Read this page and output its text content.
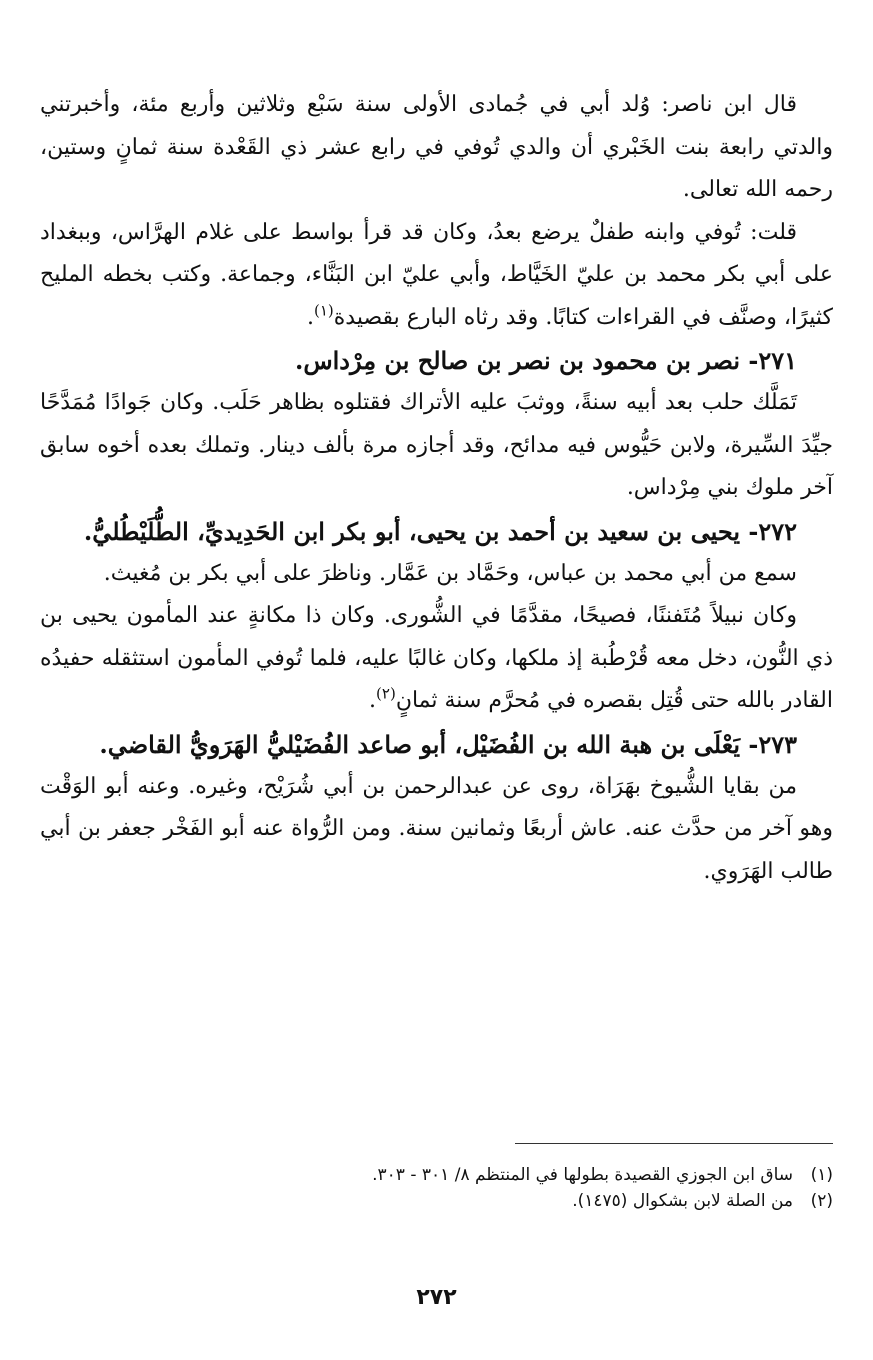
قال ابن ناصر: وُلد أبي في جُمادى الأولى سنة سَبْع وثلاثين وأربع مئة، وأخبرتني والدتي رابعة بنت الخَبْري أن والدي تُوفي في رابع عشر ذي القَعْدة سنة ثمانٍ وستين، رحمه الله تعالى.

قلت: تُوفي وابنه طفلٌ يرضع بعدُ، وكان قد قرأ بواسط على غلام الهرَّاس، وببغداد على أبي بكر محمد بن عليّ الخَيَّاط، وأبي عليّ ابن البَنَّاء، وجماعة. وكتب بخطه المليح كثيرًا، وصنَّف في القراءات كتابًا. وقد رثاه البارع بقصيدة$^{(١)}$.

٢٧١- نصر بن محمود بن نصر بن صالح بن مِرْداس.

تَمَلَّك حلب بعد أبيه سنةً، ووثبَ عليه الأتراك فقتلوه بظاهر حَلَب. وكان جَوادًا مُمَدَّحًا جيِّدَ السِّيرة، ولابن حَيُّوس فيه مدائح، وقد أجازه مرة بألف دينار. وتملك بعده أخوه سابق آخر ملوك بني مِرْداس.

٢٧٢- يحيى بن سعيد بن أحمد بن يحيى، أبو بكر ابن الحَدِيديِّ، الطُّلَيْطُليُّ.

سمع من أبي محمد بن عباس، وحَمَّاد بن عَمَّار. وناظرَ على أبي بكر بن مُغيث.

وكان نبيلاً مُتَفننًا، فصيحًا، مقدَّمًا في الشُّورى. وكان ذا مكانةٍ عند المأمون يحيى بن ذي النُّون، دخل معه قُرْطُبة إذ ملكها، وكان غالبًا عليه، فلما تُوفي المأمون استثقله حفيدُه القادر بالله حتى قُتِل بقصره في مُحرَّم سنة ثمانٍ$^{(٢)}$.

٢٧٣- يَعْلَى بن هبة الله بن الفُضَيْل، أبو صاعد الفُضَيْليُّ الهَرَويُّ القاضي.

من بقايا الشُّيوخ بهَرَاة، روى عن عبدالرحمن بن أبي شُرَيْح، وغيره. وعنه أبو الوَقْت وهو آخر من حدَّث عنه. عاش أربعًا وثمانين سنة. ومن الرُّواة عنه أبو الفَخْر جعفر بن أبي طالب الهَرَوي.

(١)ساق ابن الجوزي القصيدة بطولها في المنتظم ٨/ ٣٠١ - ٣٠٣.

(٢)من الصلة لابن بشكوال (١٤٧٥).

٢٧٢
